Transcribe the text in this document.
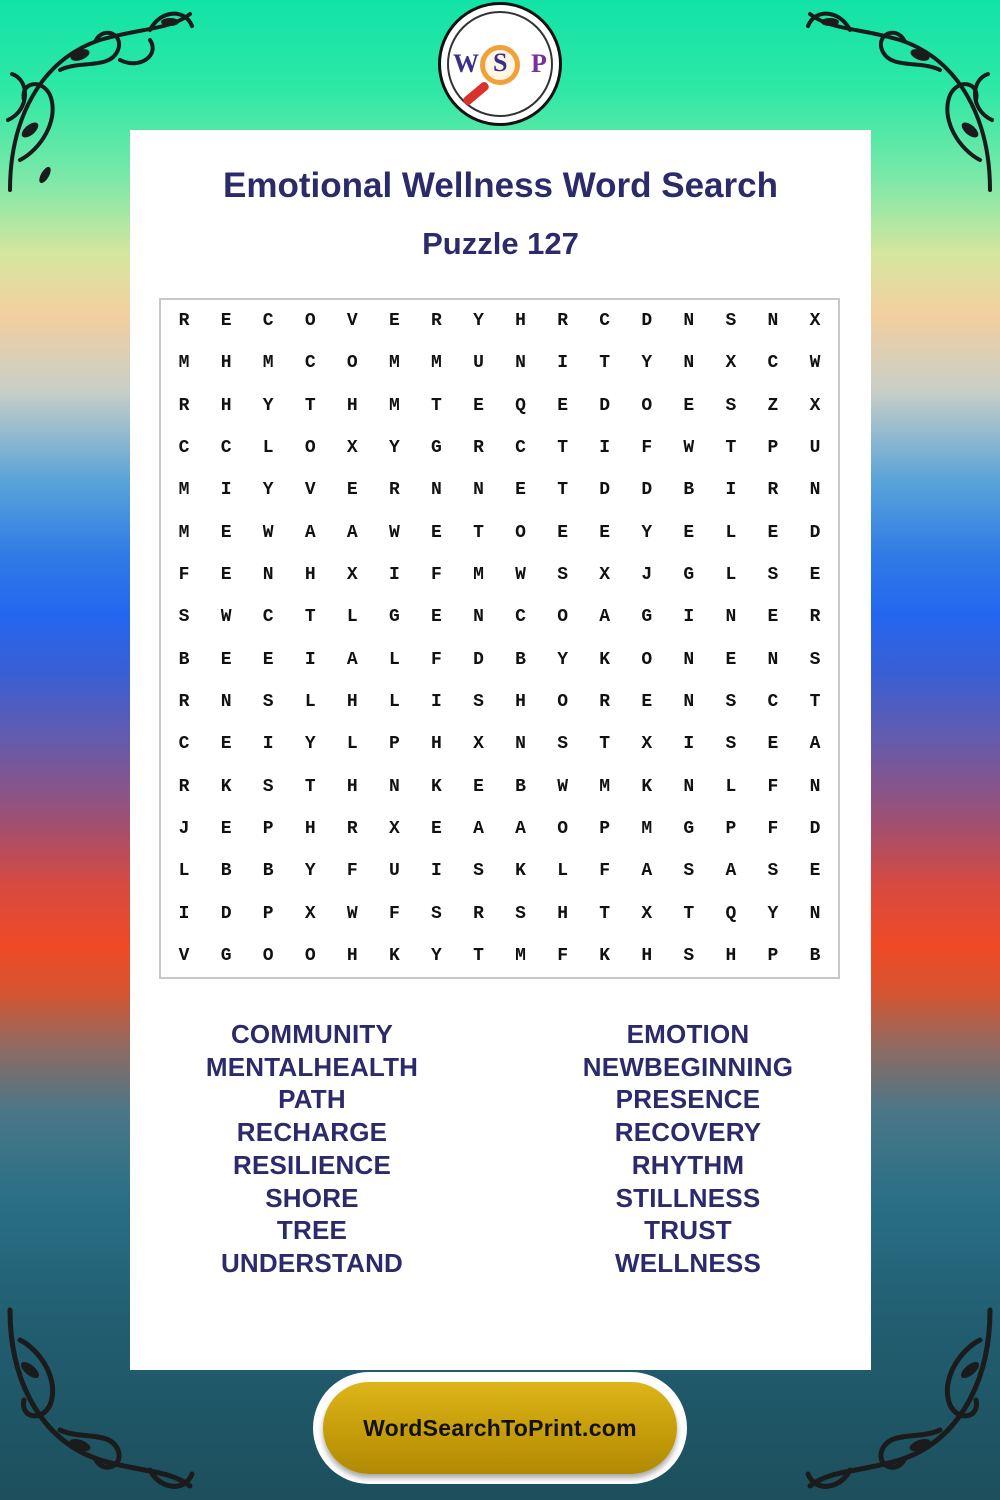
W S P
Emotional Wellness Word Search
Puzzle 127
R	E	C	O	V	E	R	Y	H	R	C	D	N	S	N	X
M	H	M	C	O	M	M	U	N	I	T	Y	N	X	C	W
R	H	Y	T	H	M	T	E	Q	E	D	O	E	S	Z	X
C	C	L	O	X	Y	G	R	C	T	I	F	W	T	P	U
M	I	Y	V	E	R	N	N	E	T	D	D	B	I	R	N
M	E	W	A	A	W	E	T	O	E	E	Y	E	L	E	D
F	E	N	H	X	I	F	M	W	S	X	J	G	L	S	E
S	W	C	T	L	G	E	N	C	O	A	G	I	N	E	R
B	E	E	I	A	L	F	D	B	Y	K	O	N	E	N	S
R	N	S	L	H	L	I	S	H	O	R	E	N	S	C	T
C	E	I	Y	L	P	H	X	N	S	T	X	I	S	E	A
R	K	S	T	H	N	K	E	B	W	M	K	N	L	F	N
J	E	P	H	R	X	E	A	A	O	P	M	G	P	F	D
L	B	B	Y	F	U	I	S	K	L	F	A	S	A	S	E
I	D	P	X	W	F	S	R	S	H	T	X	T	Q	Y	N
V	G	O	O	H	K	Y	T	M	F	K	H	S	H	P	B
COMMUNITY
MENTALHEALTH
PATH
RECHARGE
RESILIENCE
SHORE
TREE
UNDERSTAND
EMOTION
NEWBEGINNING
PRESENCE
RECOVERY
RHYTHM
STILLNESS
TRUST
WELLNESS
WordSearchToPrint.com
